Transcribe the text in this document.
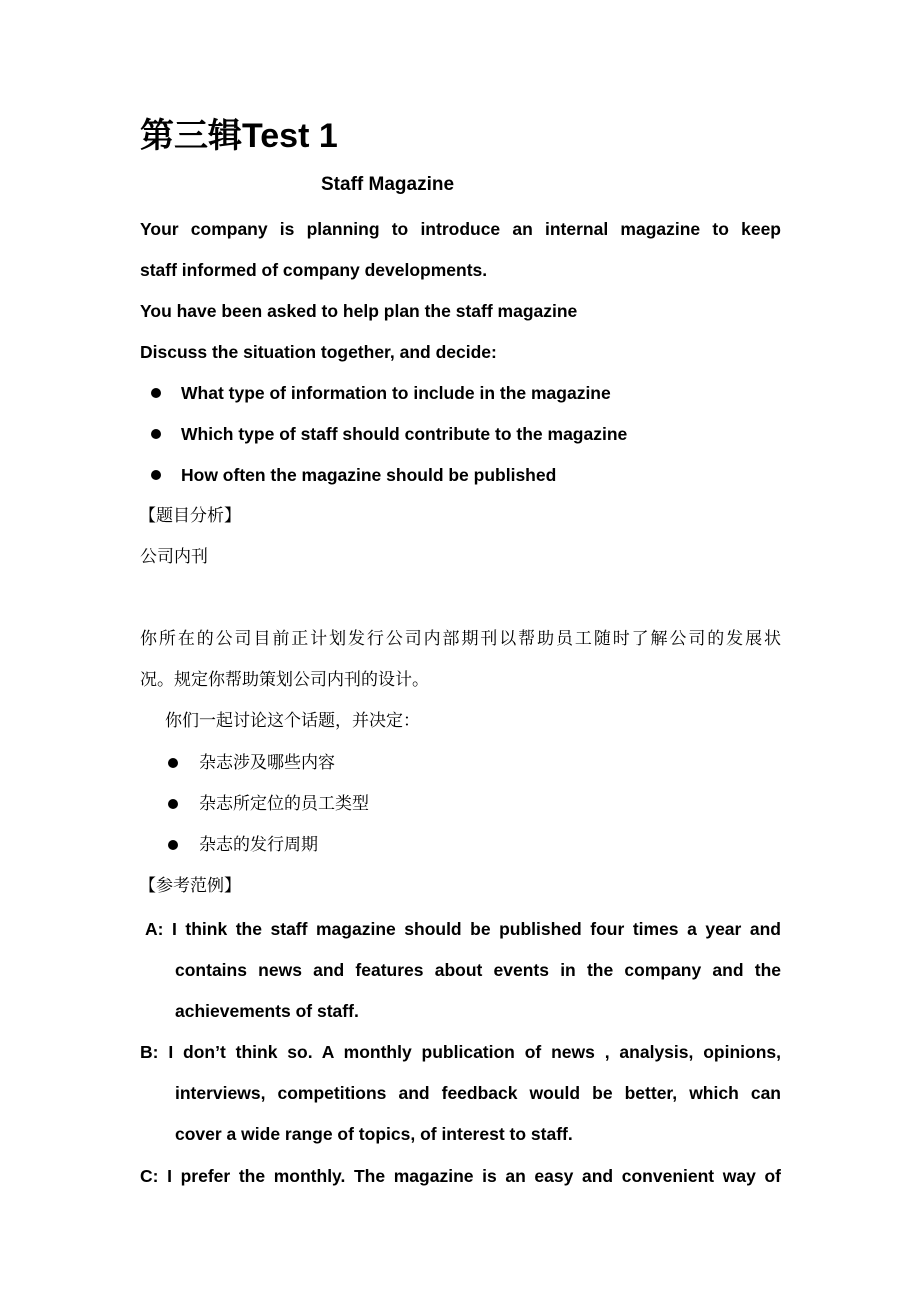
第三辑Test 1
Staff Magazine
Your company is planning to introduce an internal magazine to keep
staff informed of company developments.
You have been asked to help plan the staff magazine
Discuss the situation together, and decide:
What type of information to include in the magazine
Which type of staff should contribute to the magazine
How often the magazine should be published
【题目分析】
公司内刊
你所在的公司目前正计划发行公司内部期刊以帮助员工随时了解公司的发展状
况。规定你帮助策划公司内刊的设计。
你们一起讨论这个话题，并决定：
杂志涉及哪些内容
杂志所定位的员工类型
杂志的发行周期
【参考范例】
A: I think the staff magazine should be published four times a year and
contains news and features about events in the company and the
achievements of staff.
B: I don’t think so. A monthly publication of news , analysis, opinions,
interviews, competitions and feedback would be better, which can
cover a wide range of topics, of interest to staff.
C: I prefer the monthly. The magazine is an easy and convenient way of
